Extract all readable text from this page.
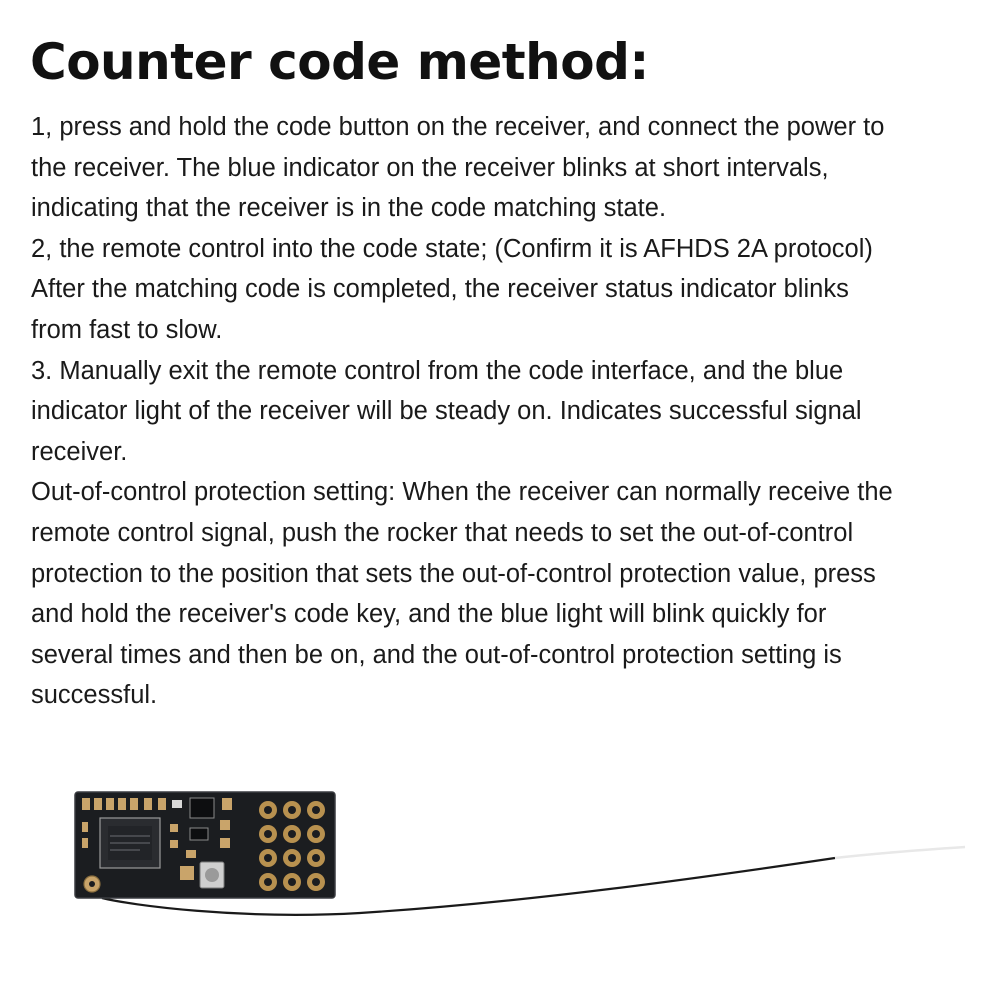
Counter code method:
1, press and hold the code button on the receiver, and connect the power to
the receiver. The blue indicator on the receiver blinks at short intervals,
indicating that the receiver is in the code matching state.
2, the remote control into the code state; (Confirm it is AFHDS 2A protocol)
After the matching code is completed, the receiver status indicator blinks
from fast to slow.
3. Manually exit the remote control from the code interface, and the blue
indicator light of the receiver will be steady on. Indicates successful signal
receiver.
Out-of-control protection setting: When the receiver can normally receive the
remote control signal, push the rocker that needs to set the out-of-control
protection to the position that sets the out-of-control protection value, press
and hold the receiver's code key, and the blue light will blink quickly for
several times and then be on, and the out-of-control protection setting is
successful.
